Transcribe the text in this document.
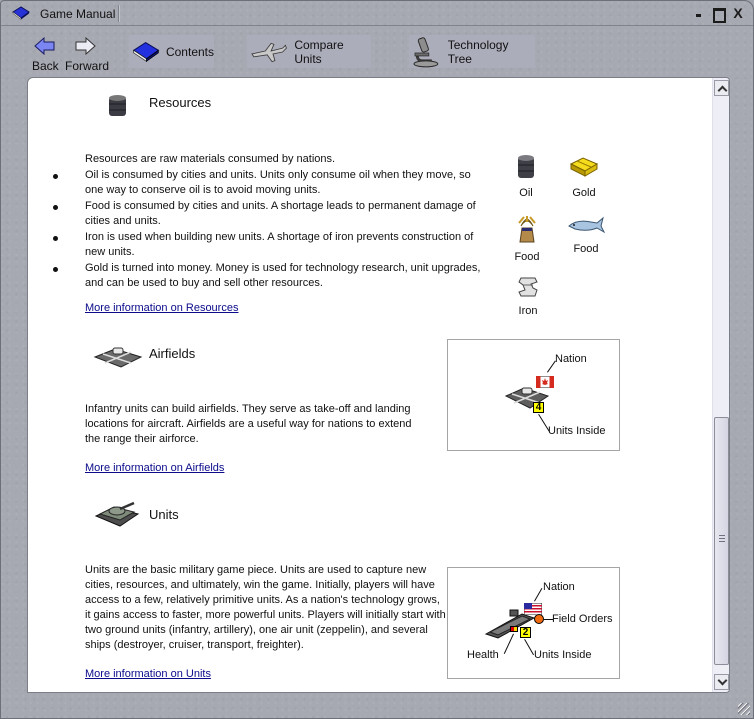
Game Manual	X
Back Forward
Contents	Compare Units
Technology Tree
Resources
Resources are raw materials consumed by nations.
Oil is consumed by cities and units. Units only consume oil when they move, so one way to conserve oil is to avoid moving units.
Food is consumed by cities and units. A shortage leads to permanent damage of cities and units.
Iron is used when building new units. A shortage of iron prevents construction of new units.
Gold is turned into money. Money is used for technology research, unit upgrades, and can be used to buy and sell other resources.
More information on Resources
Oil	Gold
Food
Food
Iron
Airfields
Infantry units can build airfields. They serve as take-off and landing locations for aircraft. Airfields are a useful way for nations to extend the range their airforce.
More information on Airfields
Nation
4
Units Inside
Units
Units are the basic military game piece. Units are used to capture new cities, resources, and ultimately, win the game. Initially, players will have access to a few, relatively primitive units. As a nation's technology grows, it gains access to faster, more powerful units. Players will initially start with two ground units (infantry, artillery), one air unit (zeppelin), and several ships (destroyer, cruiser, transport, freighter).
More information on Units
Nation
Field Orders
2
Health	Units Inside
